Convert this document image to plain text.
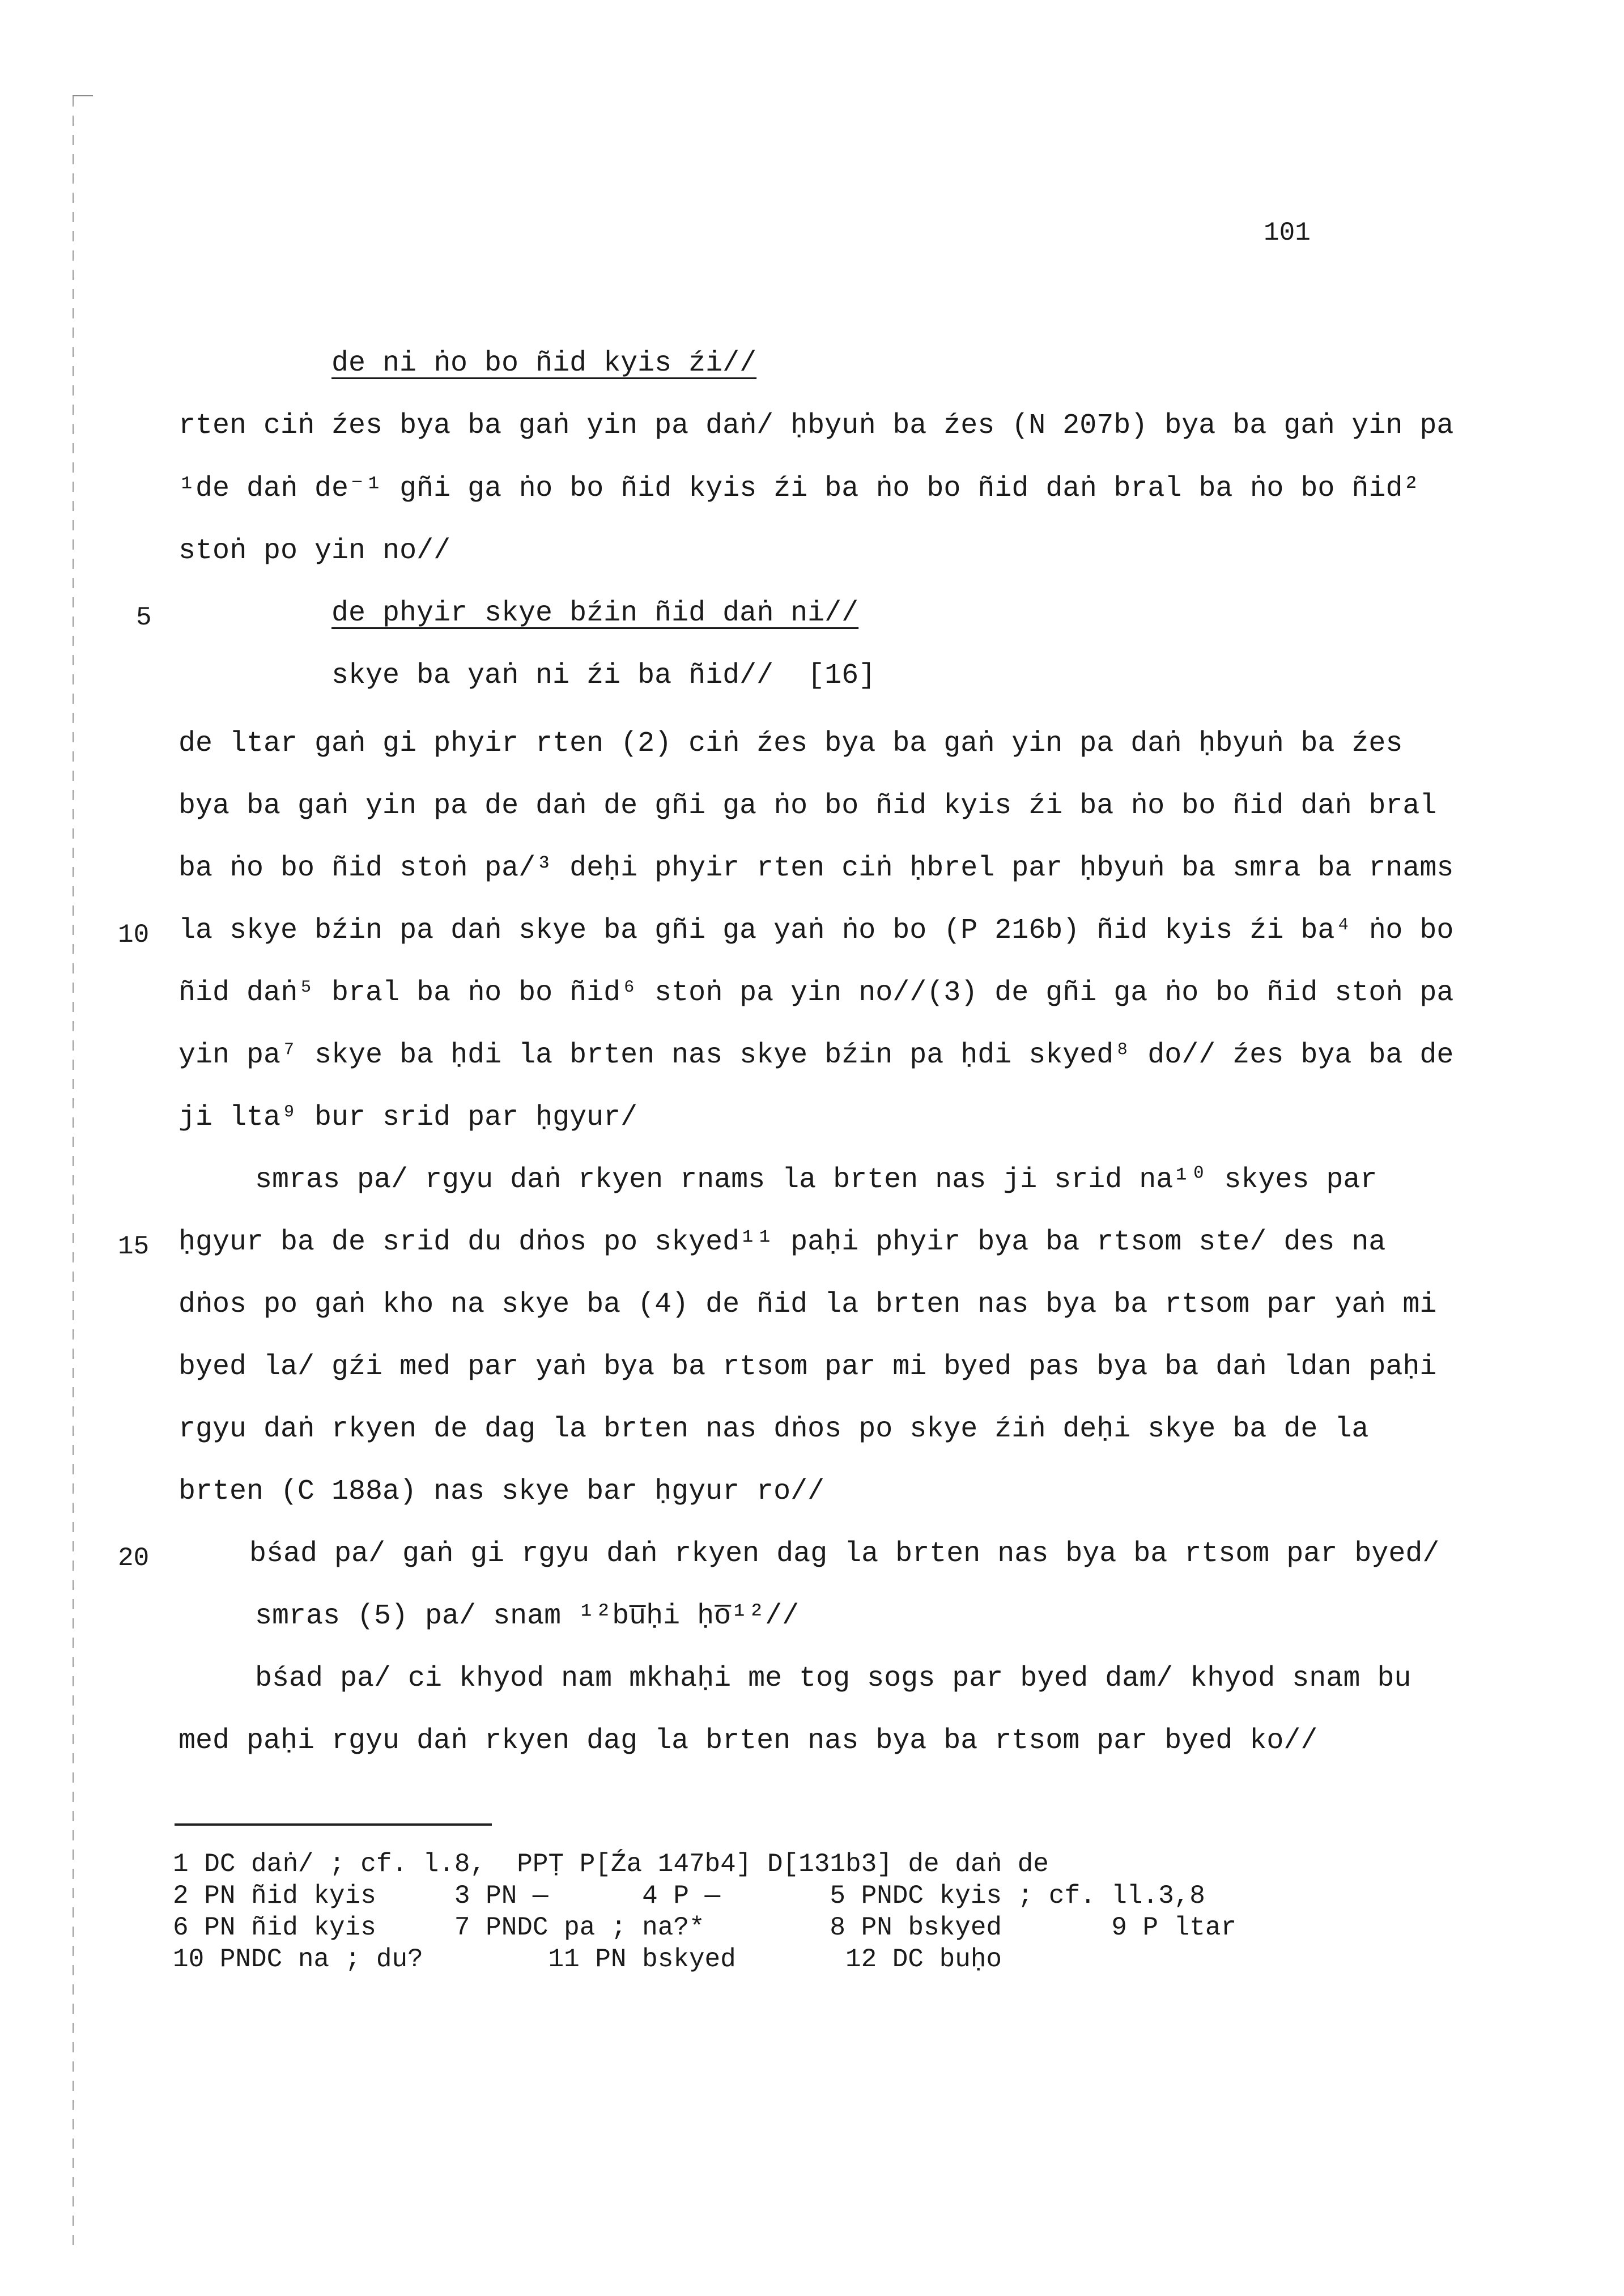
101
de ni ṅo bo ñid kyis źi//
rten ciṅ źes bya ba gaṅ yin pa daṅ/ ḥbyuṅ ba źes (N 207b) bya ba gaṅ yin pa
¹de daṅ de⁻¹ gñi ga ṅo bo ñid kyis źi ba ṅo bo ñid daṅ bral ba ṅo bo ñid²
stoṅ po yin no//
5	de phyir skye bźin ñid daṅ ni//
skye ba yaṅ ni źi ba ñid//  [16]
de ltar gaṅ gi phyir rten (2) ciṅ źes bya ba gaṅ yin pa daṅ ḥbyuṅ ba źes
bya ba gaṅ yin pa de daṅ de gñi ga ṅo bo ñid kyis źi ba ṅo bo ñid daṅ bral
ba ṅo bo ñid stoṅ pa/³ deḥi phyir rten ciṅ ḥbrel par ḥbyuṅ ba smra ba rnams
10 la skye bźin pa daṅ skye ba gñi ga yaṅ ṅo bo (P 216b) ñid kyis źi ba⁴ ṅo bo
ñid daṅ⁵ bral ba ṅo bo ñid⁶ stoṅ pa yin no//(3) de gñi ga ṅo bo ñid stoṅ pa
yin pa⁷ skye ba ḥdi la brten nas skye bźin pa ḥdi skyed⁸ do// źes bya ba de
ji lta⁹ bur srid par ḥgyur/
smras pa/ rgyu daṅ rkyen rnams la brten nas ji srid na¹⁰ skyes par
15 ḥgyur ba de srid du dṅos po skyed¹¹ paḥi phyir bya ba rtsom ste/ des na
dṅos po gaṅ kho na skye ba (4) de ñid la brten nas bya ba rtsom par yaṅ mi
byed la/ gźi med par yaṅ bya ba rtsom par mi byed pas bya ba daṅ ldan paḥi
rgyu daṅ rkyen de dag la brten nas dṅos po skye źiṅ deḥi skye ba de la
brten (C 188a) nas skye bar ḥgyur ro//
20	bśad pa/ gaṅ gi rgyu daṅ rkyen dag la brten nas bya ba rtsom par byed/
smras (5) pa/ snam ¹²bu̅ḥi ḥo̅¹²//
bśad pa/ ci khyod nam mkhaḥi me tog sogs par byed dam/ khyod snam bu
med paḥi rgyu daṅ rkyen dag la brten nas bya ba rtsom par byed ko//
1 DC daṅ/ ; cf. l.8,  PPṬ P[Źa 147b4] D[131b3] de daṅ de
2 PN ñid kyis     3 PN —      4 P —       5 PNDC kyis ; cf. ll.3,8
6 PN ñid kyis     7 PNDC pa ; na?*        8 PN bskyed       9 P ltar
10 PNDC na ; du?        11 PN bskyed       12 DC buḥo
